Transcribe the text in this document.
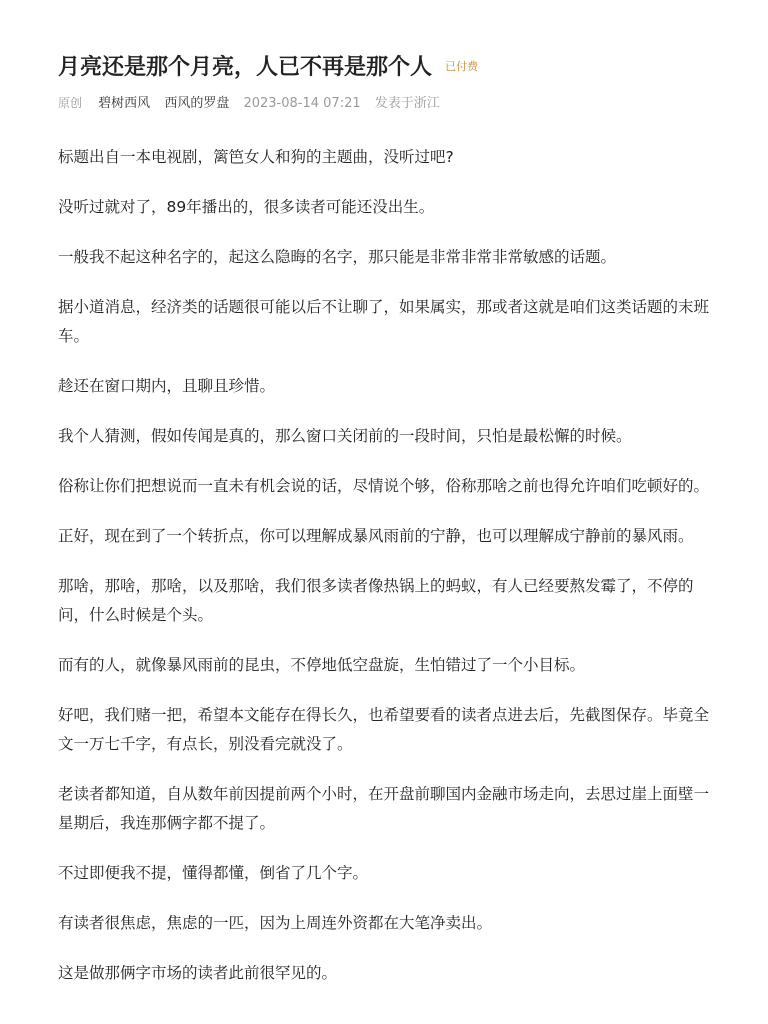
月亮还是那个月亮，人已不再是那个人 已付费
原创 碧树西风 西风的罗盘 2023-08-14 07:21 发表于浙江

标题出自一本电视剧，篱笆女人和狗的主题曲，没听过吧?

没听过就对了，89年播出的，很多读者可能还没出生。

一般我不起这种名字的，起这么隐晦的名字，那只能是非常非常非常敏感的话题。

据小道消息，经济类的话题很可能以后不让聊了，如果属实，那或者这就是咱们这类话题的末班车。

趁还在窗口期内，且聊且珍惜。

我个人猜测，假如传闻是真的，那么窗口关闭前的一段时间，只怕是最松懈的时候。

俗称让你们把想说而一直未有机会说的话，尽情说个够，俗称那啥之前也得允许咱们吃顿好的。

正好，现在到了一个转折点，你可以理解成暴风雨前的宁静，也可以理解成宁静前的暴风雨。

那啥，那啥，那啥，以及那啥，我们很多读者像热锅上的蚂蚁，有人已经要熬发霉了，不停的问，什么时候是个头。

而有的人，就像暴风雨前的昆虫，不停地低空盘旋，生怕错过了一个小目标。

好吧，我们赌一把，希望本文能存在得长久，也希望要看的读者点进去后，先截图保存。毕竟全文一万七千字，有点长，别没看完就没了。

老读者都知道，自从数年前因提前两个小时，在开盘前聊国内金融市场走向，去思过崖上面壁一星期后，我连那俩字都不提了。

不过即便我不提，懂得都懂，倒省了几个字。

有读者很焦虑，焦虑的一匹，因为上周连外资都在大笔净卖出。

这是做那俩字市场的读者此前很罕见的。
